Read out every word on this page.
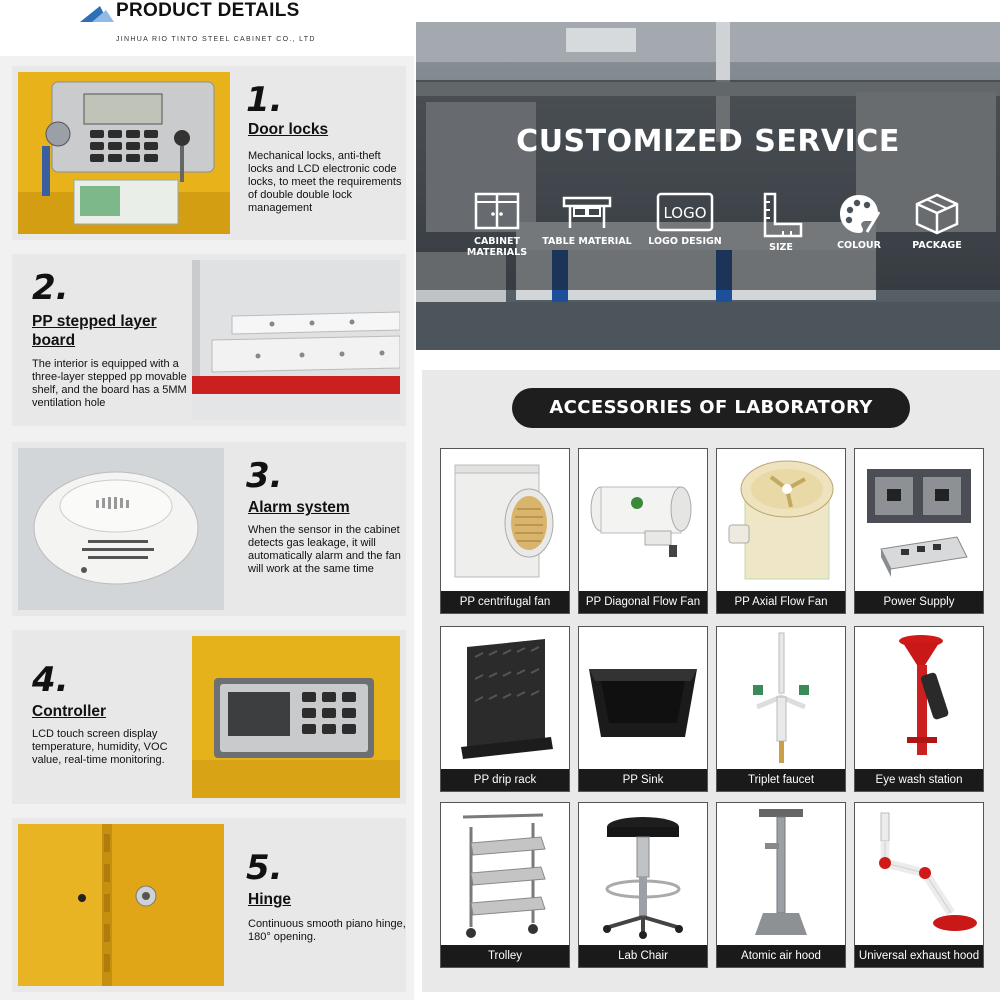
PRODUCT DETAILS
JINHUA RIO TINTO STEEL CABINET CO., LTD
1.
Door locks
Mechanical locks, anti-theft locks and LCD electronic code locks, to meet the requirements of double double lock management
2.
PP stepped layer board
The interior is equipped with a three-layer stepped pp movable shelf, and the board has a 5MM ventilation hole
3.
Alarm system
When the sensor in the cabinet detects gas leakage, it will automatically alarm and the fan will work at the same time
4.
Controller
LCD touch screen display temperature, humidity, VOC value, real-time monitoring.
5.
Hinge
Continuous smooth piano hinge, 180° opening.
CUSTOMIZED SERVICE
CABINET MATERIALS
TABLE MATERIAL
LOGO
LOGO DESIGN
SIZE	COLOUR	PACKAGE
ACCESSORIES OF LABORATORY
PP centrifugal fan	PP Diagonal Flow Fan	PP Axial Flow Fan	Power Supply
PP drip rack	PP Sink	Triplet faucet	Eye wash station
Trolley	Lab Chair	Atomic air hood	Universal exhaust hood
